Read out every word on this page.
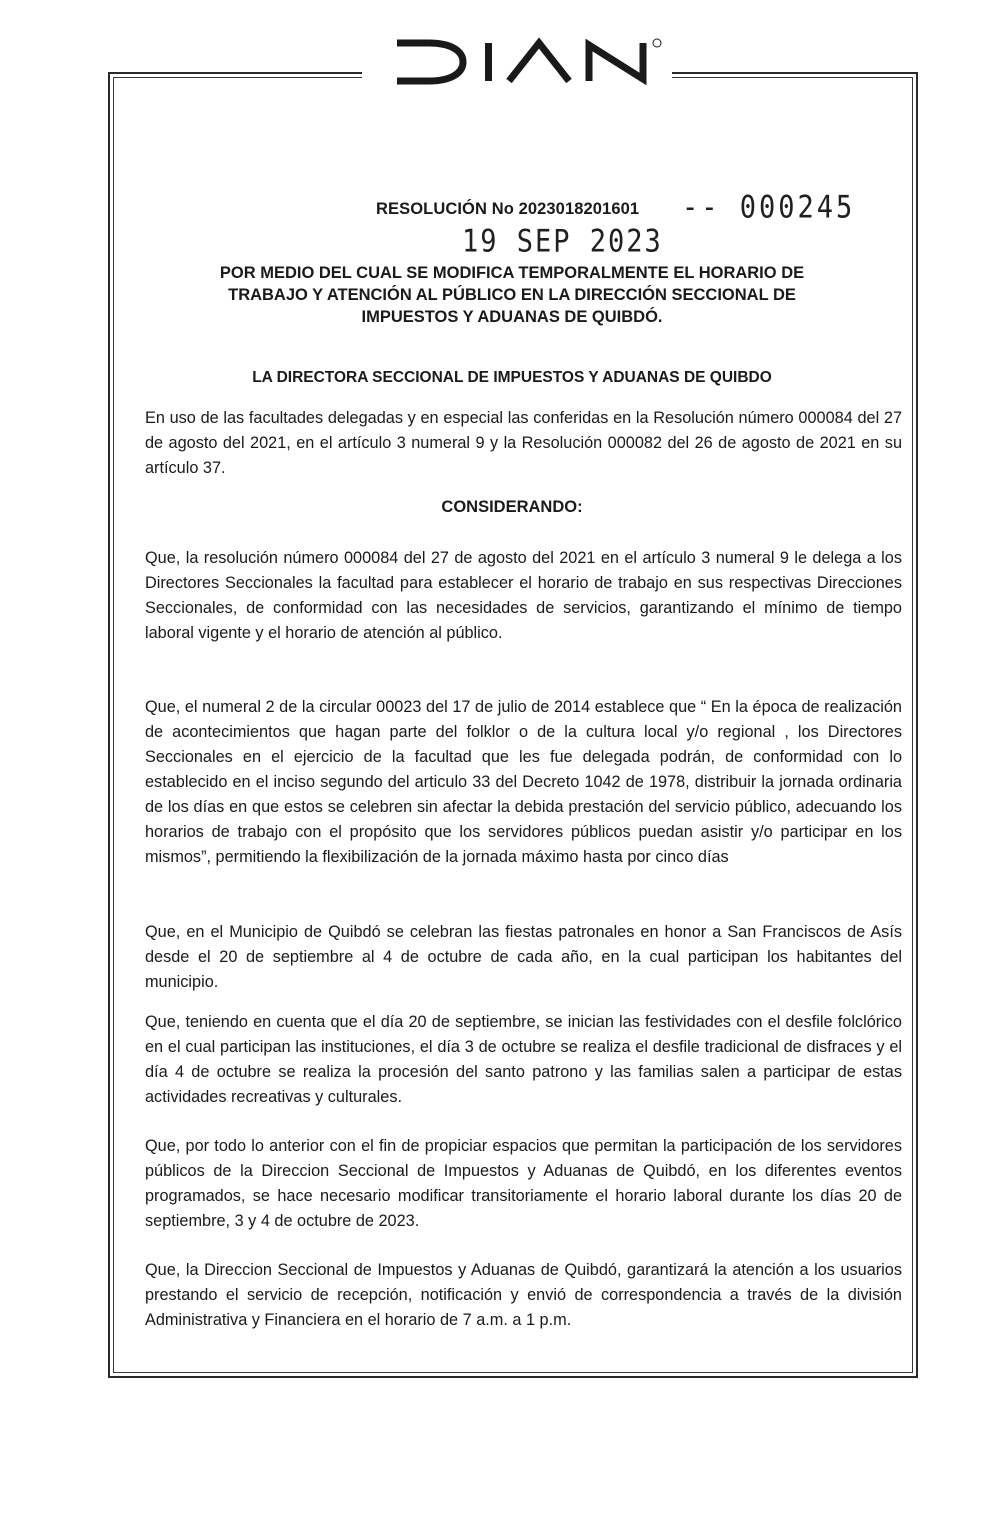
RESOLUCIÓN No 2023018201601 -- 000245
19 SEP 2023
POR MEDIO DEL CUAL SE MODIFICA TEMPORALMENTE EL HORARIO DE
TRABAJO Y ATENCIÓN AL PÚBLICO EN LA DIRECCIÓN SECCIONAL DE
IMPUESTOS Y ADUANAS DE QUIBDÓ.
LA DIRECTORA SECCIONAL DE IMPUESTOS Y ADUANAS DE QUIBDO

En uso de las facultades delegadas y en especial las conferidas en la Resolución número 000084 del 27 de agosto del 2021, en el artículo 3 numeral 9 y la Resolución 000082 del 26 de agosto de 2021 en su artículo 37.

CONSIDERANDO:

Que, la resolución número 000084 del 27 de agosto del 2021 en el artículo 3 numeral 9 le delega a los Directores Seccionales la facultad para establecer el horario de trabajo en sus respectivas Direcciones Seccionales, de conformidad con las necesidades de servicios, garantizando el mínimo de tiempo laboral vigente y el horario de atención al público.

Que, el numeral 2 de la circular 00023 del 17 de julio de 2014 establece que “ En la época de realización de acontecimientos que hagan parte del folklor o de la cultura local y/o regional , los Directores Seccionales en el ejercicio de la facultad que les fue delegada podrán, de conformidad con lo establecido en el inciso segundo del articulo 33 del Decreto 1042 de 1978, distribuir la jornada ordinaria de los días en que estos se celebren sin afectar la debida prestación del servicio público, adecuando los horarios de trabajo con el propósito que los servidores públicos puedan asistir y/o participar en los mismos”, permitiendo la flexibilización de la jornada máximo hasta por cinco días

Que, en el Municipio de Quibdó se celebran las fiestas patronales en honor a San Franciscos de Asís desde el 20 de septiembre al 4 de octubre de cada año, en la cual participan los habitantes del municipio.

Que, teniendo en cuenta que el día 20 de septiembre, se inician las festividades con el desfile folclórico en el cual participan las instituciones, el día 3 de octubre se realiza el desfile tradicional de disfraces y el día 4 de octubre se realiza la procesión del santo patrono y las familias salen a participar de estas actividades recreativas y culturales.

Que, por todo lo anterior con el fin de propiciar espacios que permitan la participación de los servidores públicos de la Direccion Seccional de Impuestos y Aduanas de Quibdó, en los diferentes eventos programados, se hace necesario modificar transitoriamente el horario laboral durante los días 20 de septiembre, 3 y 4 de octubre de 2023.

Que, la Direccion Seccional de Impuestos y Aduanas de Quibdó, garantizará la atención a los usuarios prestando el servicio de recepción, notificación y envió de correspondencia a través de la división Administrativa y Financiera en el horario de 7 a.m. a 1 p.m.
